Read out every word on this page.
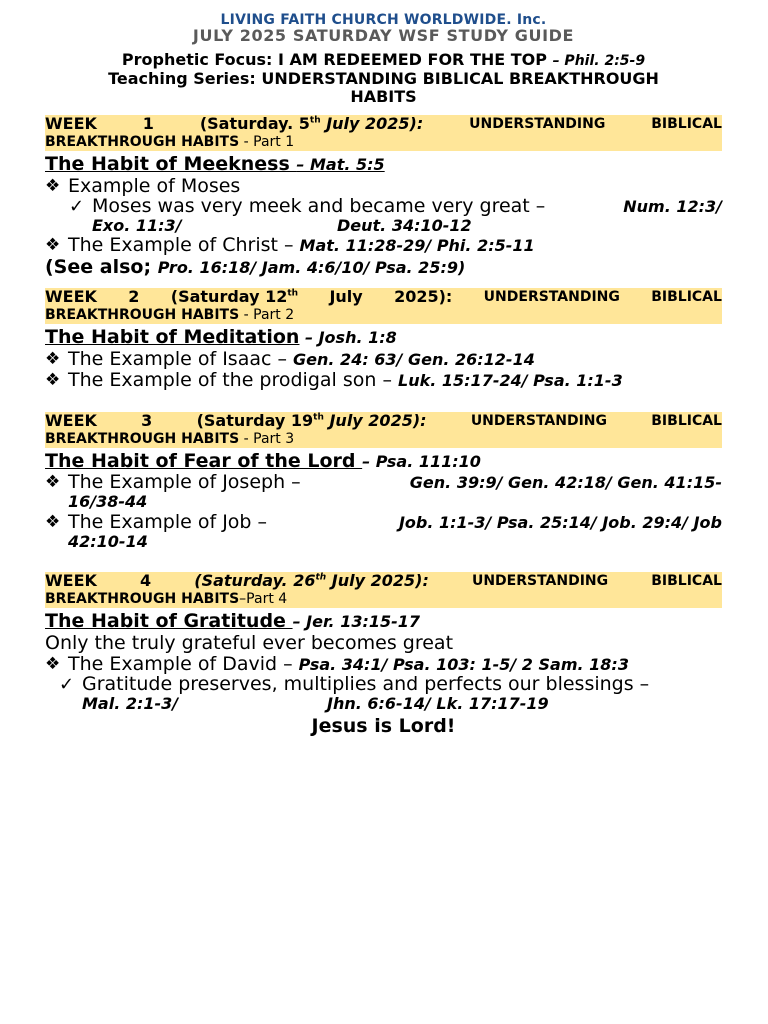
LIVING FAITH CHURCH WORLDWIDE. Inc.
JULY 2025 SATURDAY WSF STUDY GUIDE
Prophetic Focus: I AM REDEEMED FOR THE TOP – Phil. 2:5-9
Teaching Series: UNDERSTANDING BIBLICAL BREAKTHROUGH
HABITS
WEEK	1	(Saturday. 5th July 2025):	UNDERSTANDING	BIBLICAL
BREAKTHROUGH HABITS - Part 1
The Habit of Meekness – Mat. 5:5
❖ Example of Moses
✓ Moses was very meek and became very great –	Num. 12:3/
Exo. 11:3/	Deut. 34:10-12
❖ The Example of Christ – Mat. 11:28-29/ Phi. 2:5-11
(See also; Pro. 16:18/ Jam. 4:6/10/ Psa. 25:9)
WEEK 2 (Saturday 12th July 2025): UNDERSTANDING BIBLICAL
BREAKTHROUGH HABITS - Part 2
The Habit of Meditation – Josh. 1:8
❖ The Example of Isaac – Gen. 24: 63/ Gen. 26:12-14
❖ The Example of the prodigal son – Luk. 15:17-24/ Psa. 1:1-3
WEEK	3	(Saturday 19th July 2025):	UNDERSTANDING	BIBLICAL
BREAKTHROUGH HABITS - Part 3
The Habit of Fear of the Lord – Psa. 111:10
❖ The Example of Joseph –	Gen. 39:9/ Gen. 42:18/ Gen. 41:15-
16/38-44
❖ The Example of Job –	Job. 1:1-3/ Psa. 25:14/ Job. 29:4/ Job
42:10-14
WEEK	4	(Saturday. 26th July 2025):	UNDERSTANDING	BIBLICAL
BREAKTHROUGH HABITS–Part 4
The Habit of Gratitude – Jer. 13:15-17
Only the truly grateful ever becomes great
❖ The Example of David – Psa. 34:1/ Psa. 103: 1-5/ 2 Sam. 18:3
✓ Gratitude preserves, multiplies and perfects our blessings –
Mal. 2:1-3/	Jhn. 6:6-14/ Lk. 17:17-19
Jesus is Lord!
